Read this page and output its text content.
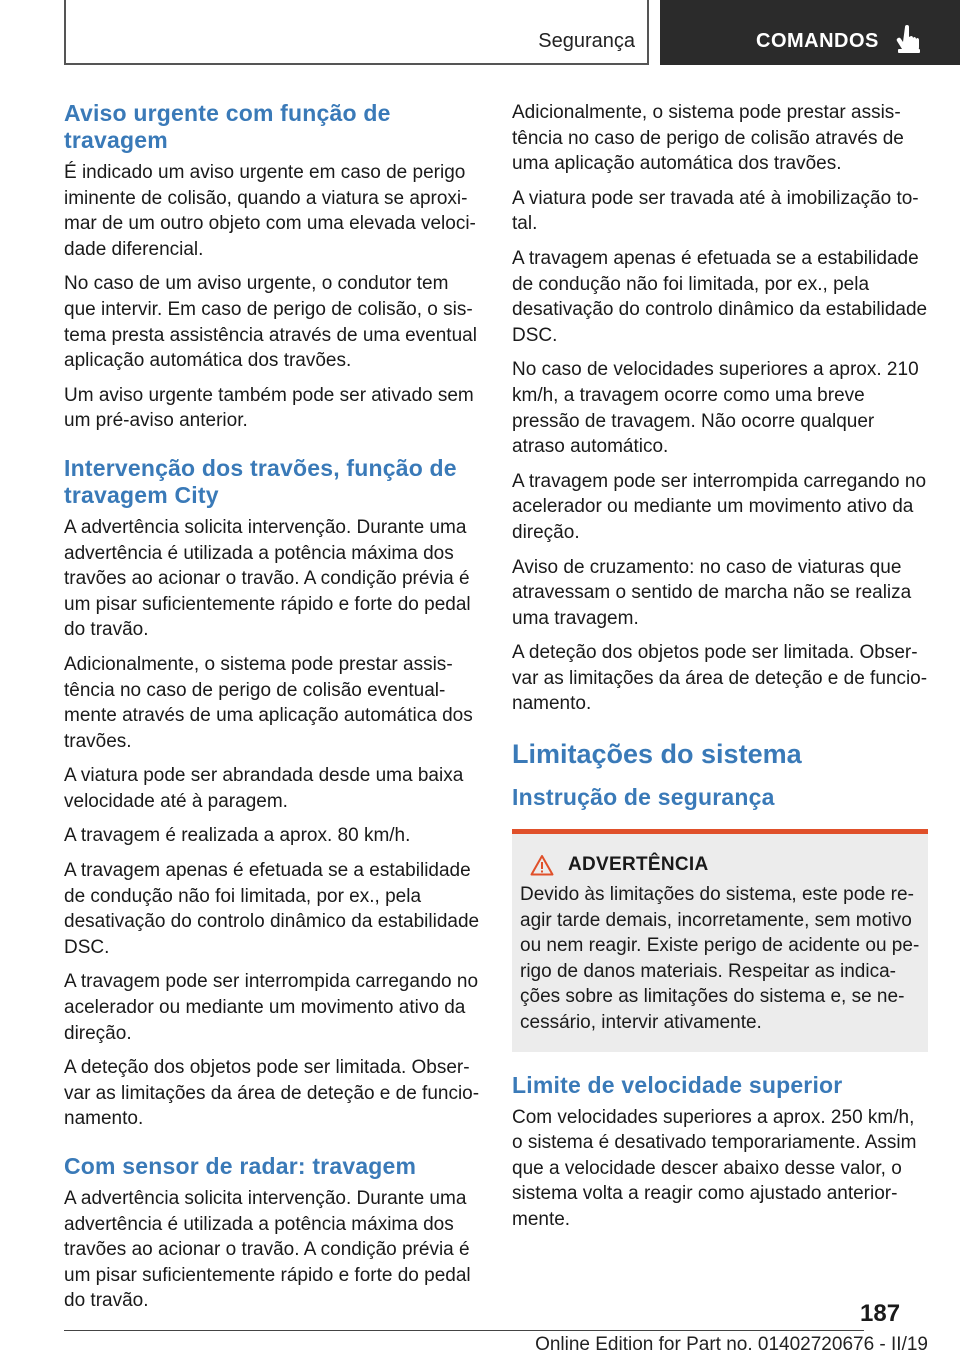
Segurança	COMANDOS
Aviso urgente com função de travagem

É indicado um aviso urgente em caso de perigo iminente de colisão, quando a viatura se aproximar de um outro objeto com uma elevada velocidade diferencial.

No caso de um aviso urgente, o condutor tem que intervir. Em caso de perigo de colisão, o sistema presta assistência através de uma eventual aplicação automática dos travões.

Um aviso urgente também pode ser ativado sem um pré-aviso anterior.

Intervenção dos travões, função de travagem City

A advertência solicita intervenção. Durante uma advertência é utilizada a potência máxima dos travões ao acionar o travão. A condição prévia é um pisar suficientemente rápido e forte do pedal do travão.

Adicionalmente, o sistema pode prestar assistência no caso de perigo de colisão eventualmente através de uma aplicação automática dos travões.

A viatura pode ser abrandada desde uma baixa velocidade até à paragem.

A travagem é realizada a aprox. 80 km/h.

A travagem apenas é efetuada se a estabilidade de condução não foi limitada, por ex., pela desativação do controlo dinâmico da estabilidade DSC.

A travagem pode ser interrompida carregando no acelerador ou mediante um movimento ativo da direção.

A deteção dos objetos pode ser limitada. Observar as limitações da área de deteção e de funcionamento.

Com sensor de radar: travagem

A advertência solicita intervenção. Durante uma advertência é utilizada a potência máxima dos travões ao acionar o travão. A condição prévia é um pisar suficientemente rápido e forte do pedal do travão.

Adicionalmente, o sistema pode prestar assistência no caso de perigo de colisão através de uma aplicação automática dos travões.

A viatura pode ser travada até à imobilização total.

A travagem apenas é efetuada se a estabilidade de condução não foi limitada, por ex., pela desativação do controlo dinâmico da estabilidade DSC.

No caso de velocidades superiores a aprox. 210 km/h, a travagem ocorre como uma breve pressão de travagem. Não ocorre qualquer atraso automático.

A travagem pode ser interrompida carregando no acelerador ou mediante um movimento ativo da direção.

Aviso de cruzamento: no caso de viaturas que atravessam o sentido de marcha não se realiza uma travagem.

A deteção dos objetos pode ser limitada. Observar as limitações da área de deteção e de funcionamento.

Limitações do sistema
Instrução de segurança
ADVERTÊNCIA

Devido às limitações do sistema, este pode reagir tarde demais, incorretamente, sem motivo ou nem reagir. Existe perigo de acidente ou perigo de danos materiais. Respeitar as indicações sobre as limitações do sistema e, se necessário, intervir ativamente.

Limite de velocidade superior

Com velocidades superiores a aprox. 250 km/h, o sistema é desativado temporariamente. Assim que a velocidade descer abaixo desse valor, o sistema volta a reagir como ajustado anteriormente.

187
Online Edition for Part no. 01402720676 - II/19
